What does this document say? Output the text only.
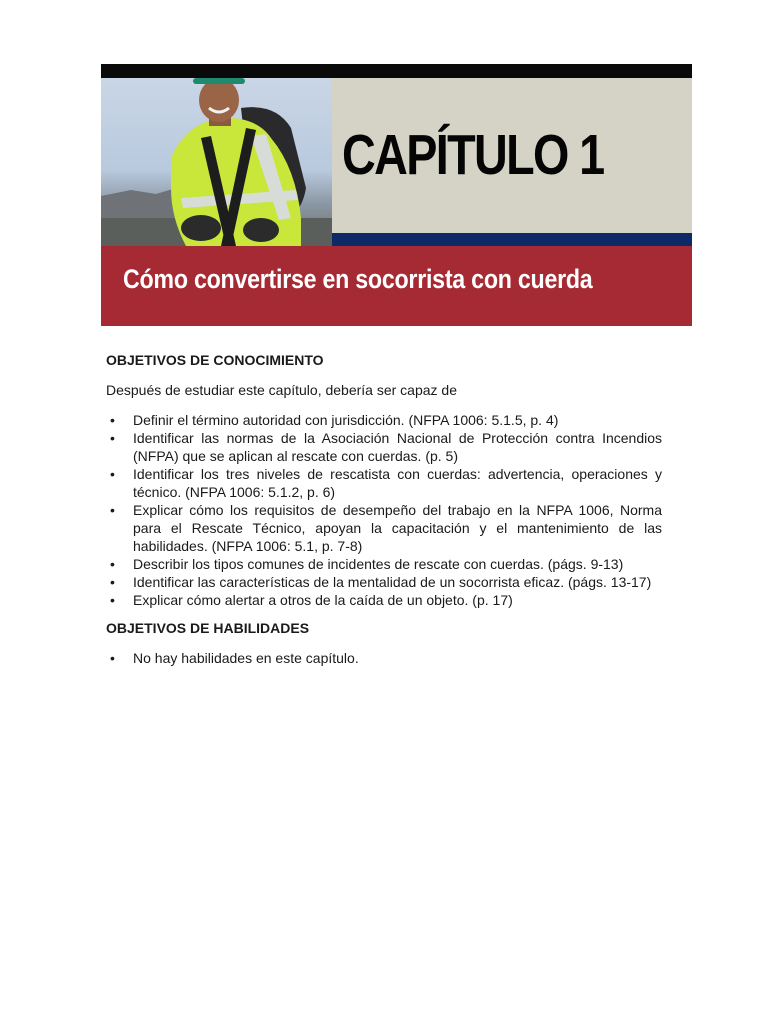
CAPÍTULO 1
Cómo convertirse en socorrista con cuerda

OBJETIVOS DE CONOCIMIENTO

Después de estudiar este capítulo, debería ser capaz de

• Definir el término autoridad con jurisdicción. (NFPA 1006: 5.1.5, p. 4)
• Identificar las normas de la Asociación Nacional de Protección contra Incendios (NFPA) que se aplican al rescate con cuerdas. (p. 5)
• Identificar los tres niveles de rescatista con cuerdas: advertencia, operaciones y técnico. (NFPA 1006: 5.1.2, p. 6)
• Explicar cómo los requisitos de desempeño del trabajo en la NFPA 1006, Norma para el Rescate Técnico, apoyan la capacitación y el mantenimiento de las habilidades. (NFPA 1006: 5.1, p. 7-8)
• Describir los tipos comunes de incidentes de rescate con cuerdas. (págs. 9-13)
• Identificar las características de la mentalidad de un socorrista eficaz. (págs. 13-17)
• Explicar cómo alertar a otros de la caída de un objeto. (p. 17)

OBJETIVOS DE HABILIDADES

• No hay habilidades en este capítulo.
